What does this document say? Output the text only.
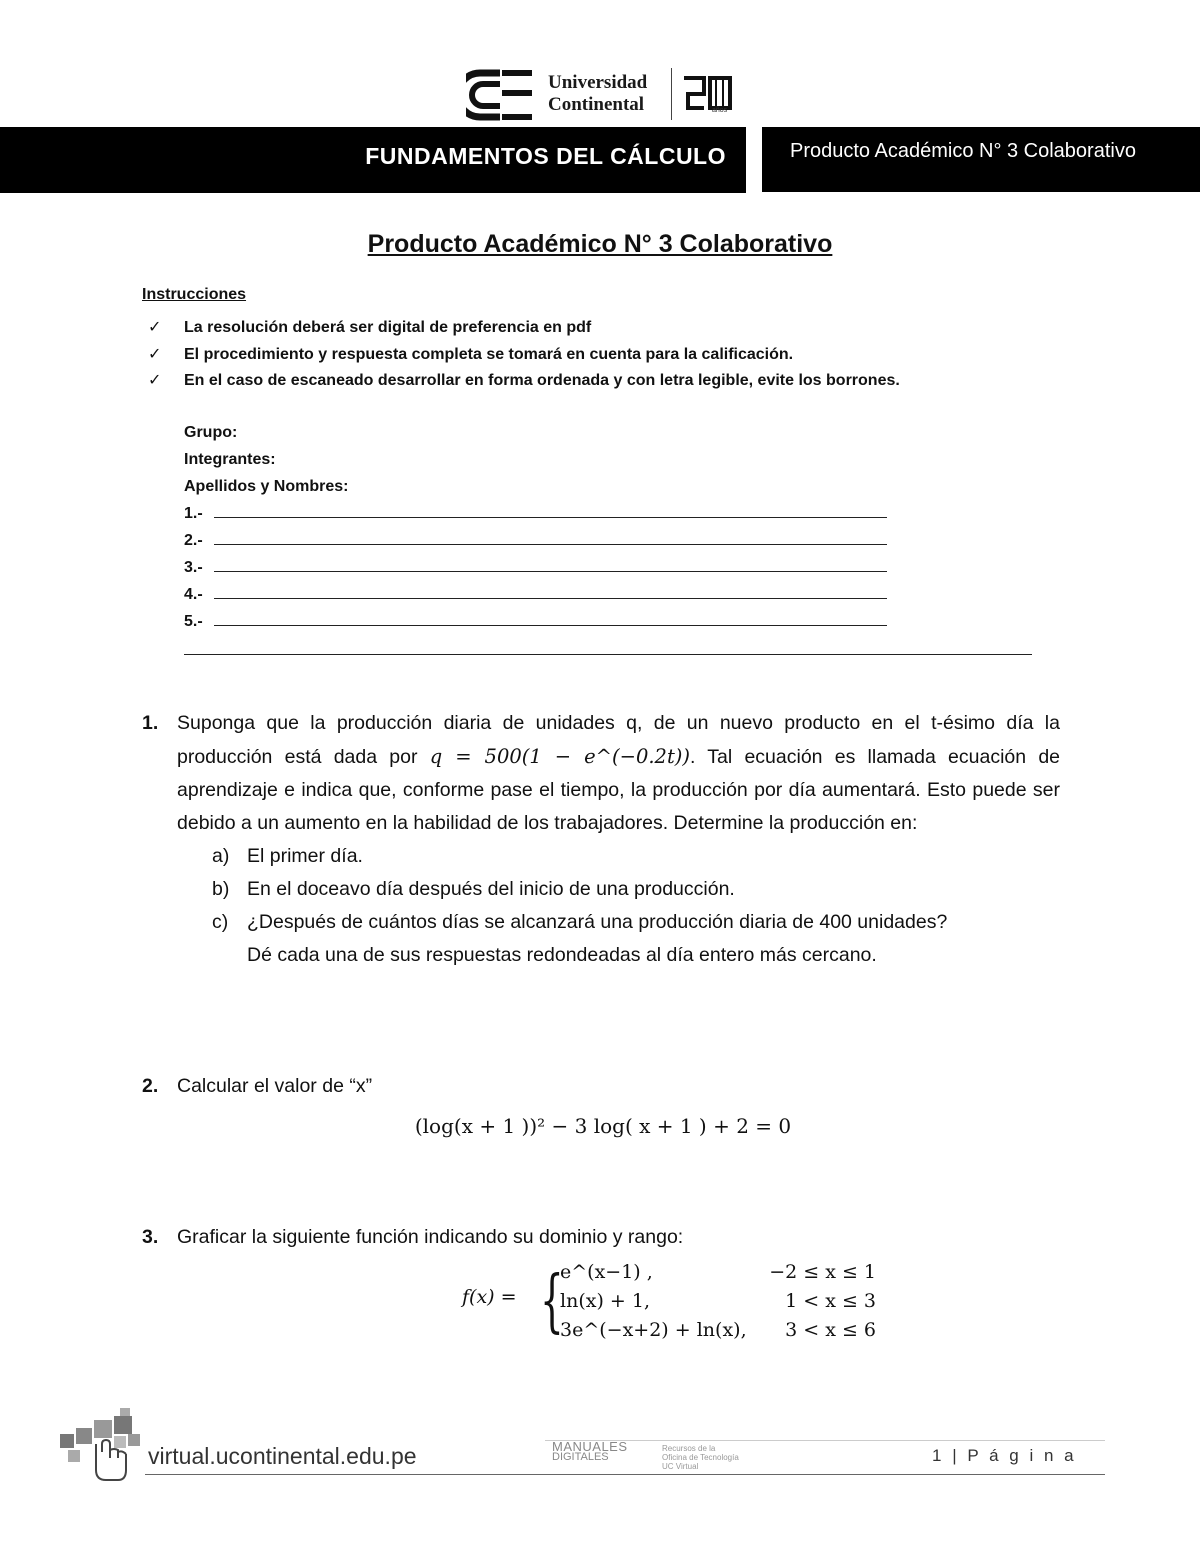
Universidad
Continental	años
FUNDAMENTOS DEL CÁLCULO	Producto Académico N° 3 Colaborativo
Producto Académico N° 3 Colaborativo
Instrucciones
✓ La resolución deberá ser digital de preferencia en pdf
✓ El procedimiento y respuesta completa se tomará en cuenta para la calificación.
✓ En el caso de escaneado desarrollar en forma ordenada y con letra legible, evite los borrones.
Grupo:
Integrantes:
Apellidos y Nombres:
1.-
2.-
3.-
4.-
5.-
1. Suponga que la producción diaria de unidades q, de un nuevo producto en el t-ésimo día la producción está dada por q = 500(1 − e^(−0.2t)). Tal ecuación es llamada ecuación de aprendizaje e indica que, conforme pase el tiempo, la producción por día aumentará. Esto puede ser debido a un aumento en la habilidad de los trabajadores. Determine la producción en:
a) El primer día.
b) En el doceavo día después del inicio de una producción.
c) ¿Después de cuántos días se alcanzará una producción diaria de 400 unidades?
Dé cada una de sus respuestas redondeadas al día entero más cercano.
2. Calcular el valor de “x”
(log(x + 1 ))² − 3 log( x + 1 ) + 2 = 0
3. Graficar la siguiente función indicando su dominio y rango:
f(x) = {
e^(x−1) ,	−2 ≤ x ≤ 1
ln(x) + 1,	1 < x ≤ 3
3e^(−x+2) + ln(x), 3 < x ≤ 6
virtual.ucontinental.edu.pe	MANUALES
DIGITALES
Recursos de la Oficina de Tecnología UC Virtual
1 | P á g i n a
